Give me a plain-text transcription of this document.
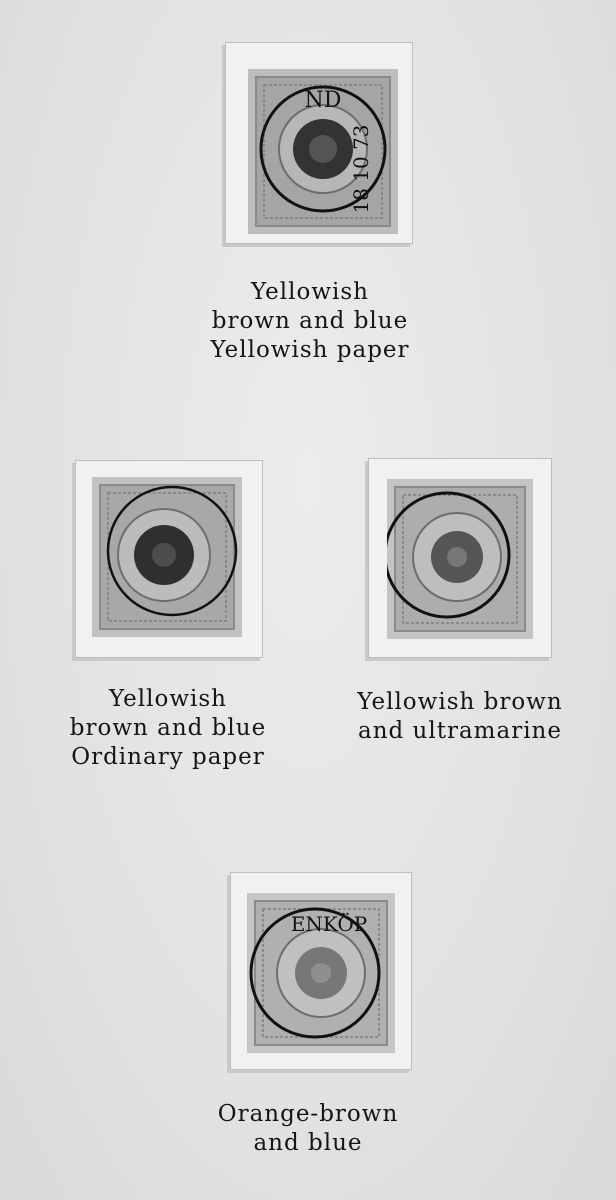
ND
18 10 73
Yellowish
brown and blue
Yellowish paper
Yellowish
brown and blue
Ordinary paper
Yellowish brown
and ultramarine
ENKÖP
Orange-brown
and blue
